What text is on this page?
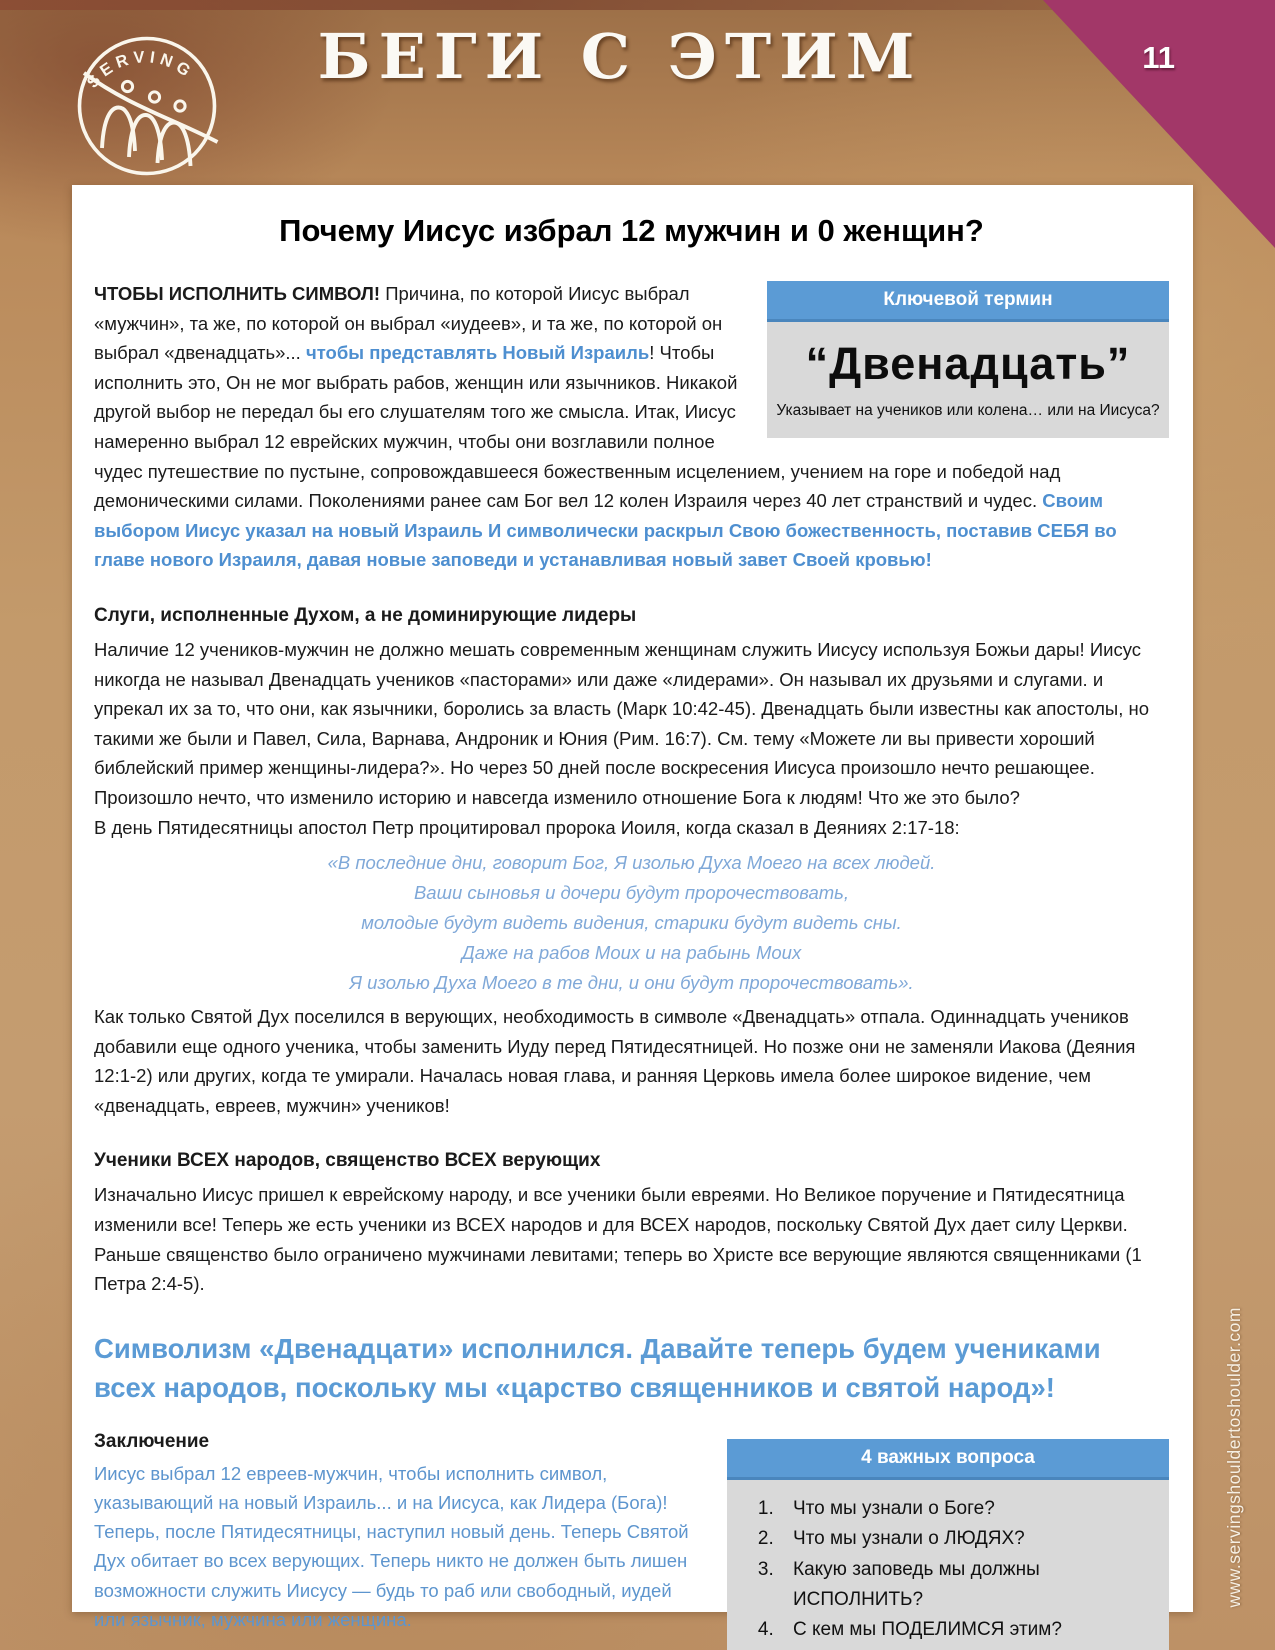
11
SERVING	БЕГИ С ЭТИМ
Почему Иисус избрал 12 мужчин и 0 женщин?
Ключевой термин
“Двенадцать”
Указывает на учеников или колена… или на Иисуса?
ЧТОБЫ ИСПОЛНИТЬ СИМВОЛ! Причина, по которой Иисус выбрал «мужчин», та же, по которой он выбрал «иудеев», и та же, по которой он выбрал «двенадцать»... чтобы представлять Новый Израиль! Чтобы исполнить это, Он не мог выбрать рабов, женщин или язычников. Никакой другой выбор не передал бы его слушателям того же смысла. Итак, Иисус намеренно выбрал 12 еврейских мужчин, чтобы они возглавили полное чудес путешествие по пустыне, сопровождавшееся божественным исцелением, учением на горе и победой над демоническими силами. Поколениями ранее сам Бог вел 12 колен Израиля через 40 лет странствий и чудес. Своим выбором Иисус указал на новый Израиль И символически раскрыл Свою божественность, поставив СЕБЯ во главе нового Израиля, давая новые заповеди и устанавливая новый завет Своей кровью!
Слуги, исполненные Духом, а не доминирующие лидеры
Наличие 12 учеников-мужчин не должно мешать современным женщинам служить Иисусу используя Божьи дары! Иисус никогда не называл Двенадцать учеников «пасторами» или даже «лидерами». Он называл их друзьями и слугами. и упрекал их за то, что они, как язычники, боролись за власть (Марк 10:42-45). Двенадцать были известны как апостолы, но такими же были и Павел, Сила, Варнава, Андроник и Юния (Рим. 16:7). См. тему «Можете ли вы привести хороший библейский пример женщины-лидера?». Но через 50 дней после воскресения Иисуса произошло нечто решающее. Произошло нечто, что изменило историю и навсегда изменило отношение Бога к людям! Что же это было?
В день Пятидесятницы апостол Петр процитировал пророка Иоиля, когда сказал в Деяниях 2:17-18:
«В последние дни, говорит Бог, Я изолью Духа Моего на всех людей.
Ваши сыновья и дочери будут пророчествовать,
молодые будут видеть видения, старики будут видеть сны.
Даже на рабов Моих и на рабынь Моих
Я изолью Духа Моего в те дни, и они будут пророчествовать».
Как только Святой Дух поселился в верующих, необходимость в символе «Двенадцать» отпала. Одиннадцать учеников добавили еще одного ученика, чтобы заменить Иуду перед Пятидесятницей. Но позже они не заменяли Иакова (Деяния 12:1-2) или других, когда те умирали. Началась новая глава, и ранняя Церковь имела более широкое видение, чем «двенадцать, евреев, мужчин» учеников!
Ученики ВСЕХ народов, священство ВСЕХ верующих
Изначально Иисус пришел к еврейскому народу, и все ученики были евреями. Но Великое поручение и Пятидесятница изменили все! Теперь же есть ученики из ВСЕХ народов и для ВСЕХ народов, поскольку Святой Дух дает силу Церкви. Раньше священство было ограничено мужчинами левитами; теперь во Христе все верующие являются священниками (1 Петра 2:4-5).
Символизм «Двенадцати» исполнился. Давайте теперь будем учениками всех народов, поскольку мы «царство священников и святой народ»!
Заключение
Иисус выбрал 12 евреев-мужчин, чтобы исполнить символ, указывающий на новый Израиль... и на Иисуса, как Лидера (Бога)! Теперь, после Пятидесятницы, наступил новый день. Теперь Святой Дух обитает во всех верующих. Теперь никто не должен быть лишен возможности служить Иисусу — будь то раб или свободный, иудей или язычник, мужчина или женщина.
4 важных вопроса
1. Что мы узнали о Боге?
2. Что мы узнали о ЛЮДЯХ?
3. Какую заповедь мы должны ИСПОЛНИТЬ?
4. С кем мы ПОДЕЛИМСЯ этим?
www.servingshouldertoshoulder.com
